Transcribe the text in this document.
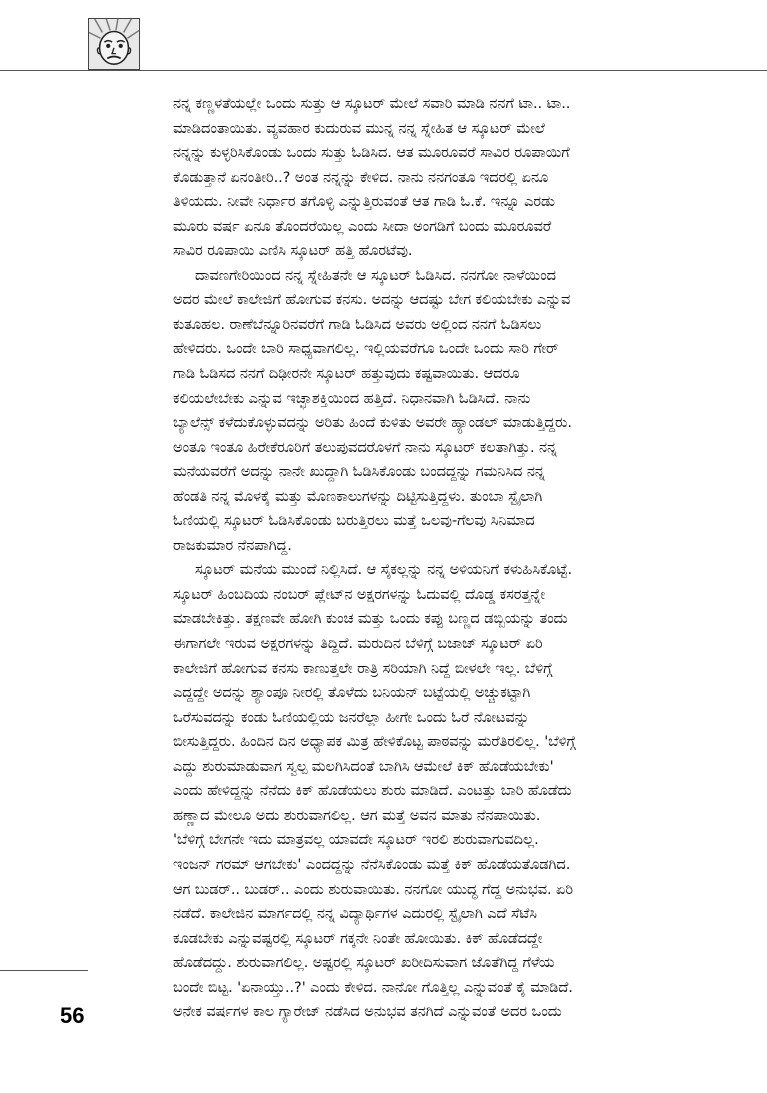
ನನ್ನ ಕಣ್ಣಳತೆಯಲ್ಲೇ ಒಂದು ಸುತ್ತು ಆ ಸ್ಕೂಟರ್ ಮೇಲೆ ಸವಾರಿ ಮಾಡಿ ನನಗೆ ಟಾ.. ಟಾ..
ಮಾಡಿದಂತಾಯಿತು. ವ್ಯವಹಾರ ಕುದುರುವ ಮುನ್ನ ನನ್ನ ಸ್ನೇಹಿತ ಆ ಸ್ಕೂಟರ್ ಮೇಲೆ
ನನ್ನನ್ನು ಕುಳ್ಳರಿಸಿಕೊಂಡು ಒಂದು ಸುತ್ತು ಓಡಿಸಿದ. ಆತ ಮೂರೂವರೆ ಸಾವಿರ ರೂಪಾಯಿಗೆ
ಕೊಡುತ್ತಾನೆ ಏನಂತೀರಿ..? ಅಂತ ನನ್ನನ್ನು ಕೇಳಿದ. ನಾನು ನನಗಂತೂ ಇದರಲ್ಲಿ ಏನೂ
ತಿಳಿಯದು. ನೀವೇ ನಿರ್ಧಾರ ತಗೊಳ್ಳಿ ಎನ್ನುತ್ತಿರುವಂತೆ ಆತ ಗಾಡಿ ಓ.ಕೆ. ಇನ್ನೂ ಎರಡು
ಮೂರು ವರ್ಷ ಏನೂ ತೊಂದರೆಯಿಲ್ಲ ಎಂದು ಸೀದಾ ಅಂಗಡಿಗೆ ಬಂದು ಮೂರೂವರೆ
ಸಾವಿರ ರೂಪಾಯಿ ಎಣಿಸಿ ಸ್ಕೂಟರ್ ಹತ್ತಿ ಹೊರಟೆವು.

ದಾವಣಗೇರಿಯಿಂದ ನನ್ನ ಸ್ನೇಹಿತನೇ ಆ ಸ್ಕೂಟರ್ ಓಡಿಸಿದ. ನನಗೋ ನಾಳೆಯಿಂದ
ಅದರ ಮೇಲೆ ಕಾಲೇಜಿಗೆ ಹೋಗುವ ಕನಸು. ಅದನ್ನು ಆದಷ್ಟು ಬೇಗ ಕಲಿಯಬೇಕು ಎನ್ನುವ
ಕುತೂಹಲ. ರಾಣೆಬೆನ್ನೂರಿನವರೆಗೆ ಗಾಡಿ ಓಡಿಸಿದ ಅವರು ಅಲ್ಲಿಂದ ನನಗೆ ಓಡಿಸಲು
ಹೇಳಿದರು. ಒಂದೇ ಬಾರಿ ಸಾಧ್ಯವಾಗಲಿಲ್ಲ. ಇಲ್ಲಿಯವರೆಗೂ ಒಂದೇ ಒಂದು ಸಾರಿ ಗೇರ್
ಗಾಡಿ ಓಡಿಸದ ನನಗೆ ದಿಢೀರನೇ ಸ್ಕೂಟರ್ ಹತ್ತುವುದು ಕಷ್ಟವಾಯಿತು. ಆದರೂ
ಕಲಿಯಲೇಬೇಕು ಎನ್ನುವ ಇಚ್ಛಾಶಕ್ತಿಯಿಂದ ಹತ್ತಿದೆ. ನಿಧಾನವಾಗಿ ಓಡಿಸಿದೆ. ನಾನು
ಬ್ಯಾಲೆನ್ಸ್ ಕಳೆದುಕೊಳ್ಳುವದನ್ನು ಅರಿತು ಹಿಂದೆ ಕುಳಿತು ಅವರೇ ಹ್ಯಾಂಡಲ್ ಮಾಡುತ್ತಿದ್ದರು.
ಅಂತೂ ಇಂತೂ ಹಿರೇಕೆರೂರಿಗೆ ತಲುಪುವದರೊಳಗೆ ನಾನು ಸ್ಕೂಟರ್ ಕಲತಾಗಿತ್ತು. ನನ್ನ
ಮನೆಯವರೆಗೆ ಅದನ್ನು ನಾನೇ ಖುದ್ದಾಗಿ ಓಡಿಸಿಕೊಂಡು ಬಂದದ್ದನ್ನು ಗಮನಿಸಿದ ನನ್ನ
ಹೆಂಡತಿ ನನ್ನ ಮೊಳಕೈ ಮತ್ತು ಮೊಣಕಾಲುಗಳನ್ನು ದಿಟ್ಟಿಸುತ್ತಿದ್ದಳು. ತುಂಬಾ ಸ್ಟೈಲಾಗಿ
ಓಣಿಯಲ್ಲಿ ಸ್ಕೂಟರ್ ಓಡಿಸಿಕೊಂಡು ಬರುತ್ತಿರಲು ಮತ್ತೆ ಒಲವು-ಗೆಲವು ಸಿನಿಮಾದ
ರಾಜಕುಮಾರ ನೆನಪಾಗಿದ್ದ.

ಸ್ಕೂಟರ್ ಮನೆಯ ಮುಂದೆ ನಿಲ್ಲಿಸಿದೆ. ಆ ಸೈಕಲ್ಲನ್ನು ನನ್ನ ಅಳಿಯನಿಗೆ ಕಳುಹಿಸಿಕೊಟ್ಟೆ.
ಸ್ಕೂಟರ್ ಹಿಂಬದಿಯ ನಂಬರ್ ಪ್ಲೇಟ್‌ನ ಅಕ್ಷರಗಳನ್ನು ಓದುವಲ್ಲಿ ದೊಡ್ಡ ಕಸರತ್ತನ್ನೇ
ಮಾಡಬೇಕಿತ್ತು. ತಕ್ಷಣವೇ ಹೋಗಿ ಕುಂಚ ಮತ್ತು ಒಂದು ಕಪ್ಪು ಬಣ್ಣದ ಡಬ್ಬಿಯನ್ನು ತಂದು
ಈಗಾಗಲೇ ಇರುವ ಅಕ್ಷರಗಳನ್ನು ತಿದ್ದಿದೆ. ಮರುದಿನ ಬೆಳಿಗ್ಗೆ ಬಜಾಜ್ ಸ್ಕೂಟರ್ ಏರಿ
ಕಾಲೇಜಿಗೆ ಹೋಗುವ ಕನಸು ಕಾಣುತ್ತಲೇ ರಾತ್ರಿ ಸರಿಯಾಗಿ ನಿದ್ದೆ ಬೀಳಲೇ ಇಲ್ಲ. ಬೆಳಿಗ್ಗೆ
ಎದ್ದದ್ದೇ ಅದನ್ನು ಶ್ಯಾಂಪೂ ನೀರಲ್ಲಿ ತೊಳೆದು ಬನಿಯನ್ ಬಟ್ಟೆಯಲ್ಲಿ ಅಚ್ಚುಕಟ್ಟಾಗಿ
ಒರೆಸುವದನ್ನು ಕಂಡು ಓಣಿಯಲ್ಲಿಯ ಜನರೆಲ್ಲಾ ಹೀಗೇ ಒಂದು ಓರೆ ನೋಟವನ್ನು
ಬೀಸುತ್ತಿದ್ದರು. ಹಿಂದಿನ ದಿನ ಅಧ್ಯಾಪಕ ಮಿತ್ರ ಹೇಳಿಕೊಟ್ಟ ಪಾಠವನ್ನು ಮರೆತಿರಲಿಲ್ಲ. 'ಬೆಳಿಗ್ಗೆ
ಎದ್ದು ಶುರುಮಾಡುವಾಗ ಸ್ವಲ್ಪ ಮಲಗಿಸಿದಂತೆ ಬಾಗಿಸಿ ಆಮೇಲೆ ಕಿಕ್ ಹೊಡೆಯಬೇಕು'
ಎಂದು ಹೇಳಿದ್ದನ್ನು ನೆನೆದು ಕಿಕ್ ಹೊಡೆಯಲು ಶುರು ಮಾಡಿದೆ. ಎಂಟತ್ತು ಬಾರಿ ಹೊಡೆದು
ಹಣ್ಣಾದ ಮೇಲೂ ಅದು ಶುರುವಾಗಲಿಲ್ಲ. ಆಗ ಮತ್ತೆ ಅವನ ಮಾತು ನೆನಪಾಯಿತು.
'ಬೆಳಿಗ್ಗೆ ಬೇಗನೇ ಇದು ಮಾತ್ರವಲ್ಲ ಯಾವದೇ ಸ್ಕೂಟರ್ ಇರಲಿ ಶುರುವಾಗುವದಿಲ್ಲ.
ಇಂಜನ್ ಗರಮ್ ಆಗಬೇಕು' ಎಂದದ್ದನ್ನು ನೆನೆಸಿಕೊಂಡು ಮತ್ತೆ ಕಿಕ್ ಹೊಡೆಯತೊಡಗಿದ.
ಆಗ ಬುಡರ್.. ಬುಡರ್.. ಎಂದು ಶುರುವಾಯಿತು. ನನಗೋ ಯುದ್ಧ ಗೆದ್ದ ಅನುಭವ. ಏರಿ
ನಡೆದೆ. ಕಾಲೇಜಿನ ಮಾರ್ಗದಲ್ಲಿ ನನ್ನ ವಿದ್ಯಾರ್ಥಿಗಳ ಎದುರಲ್ಲಿ ಸ್ಟೈಲಾಗಿ ಎದೆ ಸೆಟೆಸಿ
ಕೂಡಬೇಕು ಎನ್ನುವಷ್ಟರಲ್ಲಿ ಸ್ಕೂಟರ್ ಗಕ್ಕನೇ ನಿಂತೇ ಹೋಯಿತು. ಕಿಕ್ ಹೊಡೆದದ್ದೇ
ಹೊಡೆದದ್ದು. ಶುರುವಾಗಲಿಲ್ಲ. ಅಷ್ಟರಲ್ಲಿ ಸ್ಕೂಟರ್ ಖರೀದಿಸುವಾಗ ಜೊತೆಗಿದ್ದ ಗೆಳೆಯ
ಬಂದೇ ಬಿಟ್ಟ. 'ಏನಾಯ್ತು..?' ಎಂದು ಕೇಳಿದ. ನಾನೋ ಗೊತ್ತಿಲ್ಲ ಎನ್ನುವಂತೆ ಕೈ ಮಾಡಿದೆ.
ಅನೇಕ ವರ್ಷಗಳ ಕಾಲ ಗ್ಯಾರೇಜ್ ನಡೆಸಿದ ಅನುಭವ ತನಗಿದೆ ಎನ್ನುವಂತೆ ಅದರ ಒಂದು

56
